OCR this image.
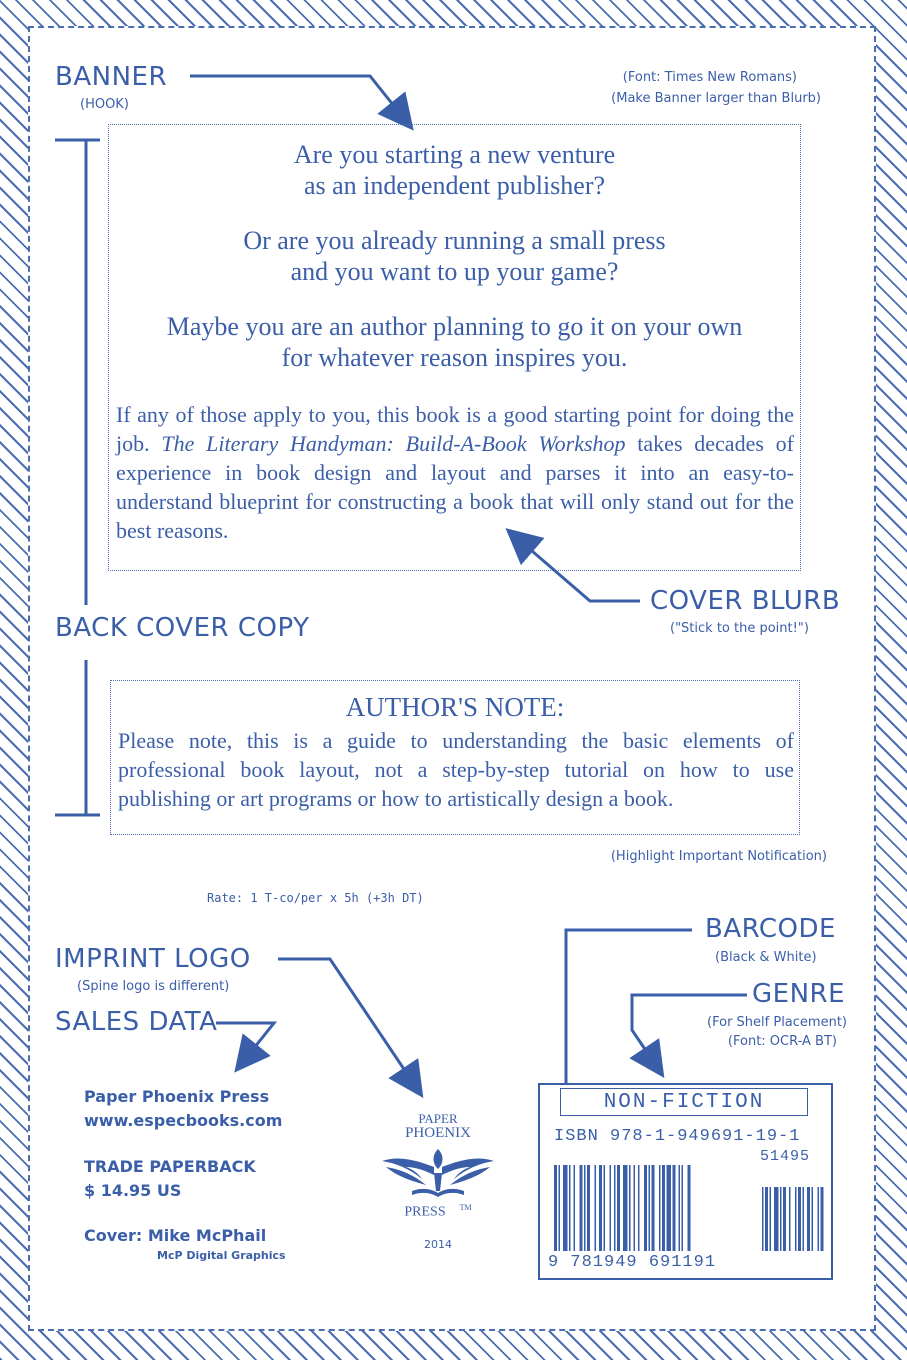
BANNER
(HOOK)
(Font: Times New Romans)
(Make Banner larger than Blurb)
Are you starting a new venture
as an independent publisher?
Or are you already running a small press
and you want to up your game?
Maybe you are an author planning to go it on your own
for whatever reason inspires you.
If any of those apply to you, this book is a good starting point for doing the job. The Literary Handyman: Build-A-Book Workshop takes decades of experience in book design and layout and parses it into an easy-to-understand blueprint for constructing a book that will only stand out for the best reasons.
COVER BLURB
("Stick to the point!")
BACK COVER COPY
AUTHOR'S NOTE:
Please note, this is a guide to understanding the basic elements of professional book layout, not a step-by-step tutorial on how to use publishing or art programs or how to artistically design a book.
(Highlight Important Notification)
Rate: 1 T-co/per x 5h (+3h DT)
IMPRINT LOGO
(Spine logo is different)
SALES DATA
Paper Phoenix Press
www.especbooks.com
TRADE PAPERBACK
$ 14.95 US
Cover: Mike McPhail
McP Digital Graphics
PAPER
PHOENIX
PRESS ™
2014
BARCODE
(Black & White)
GENRE
(For Shelf Placement)
(Font: OCR-A BT)
NON-FICTION
ISBN 978-1-949691-19-1
51495
9 781949 691191
